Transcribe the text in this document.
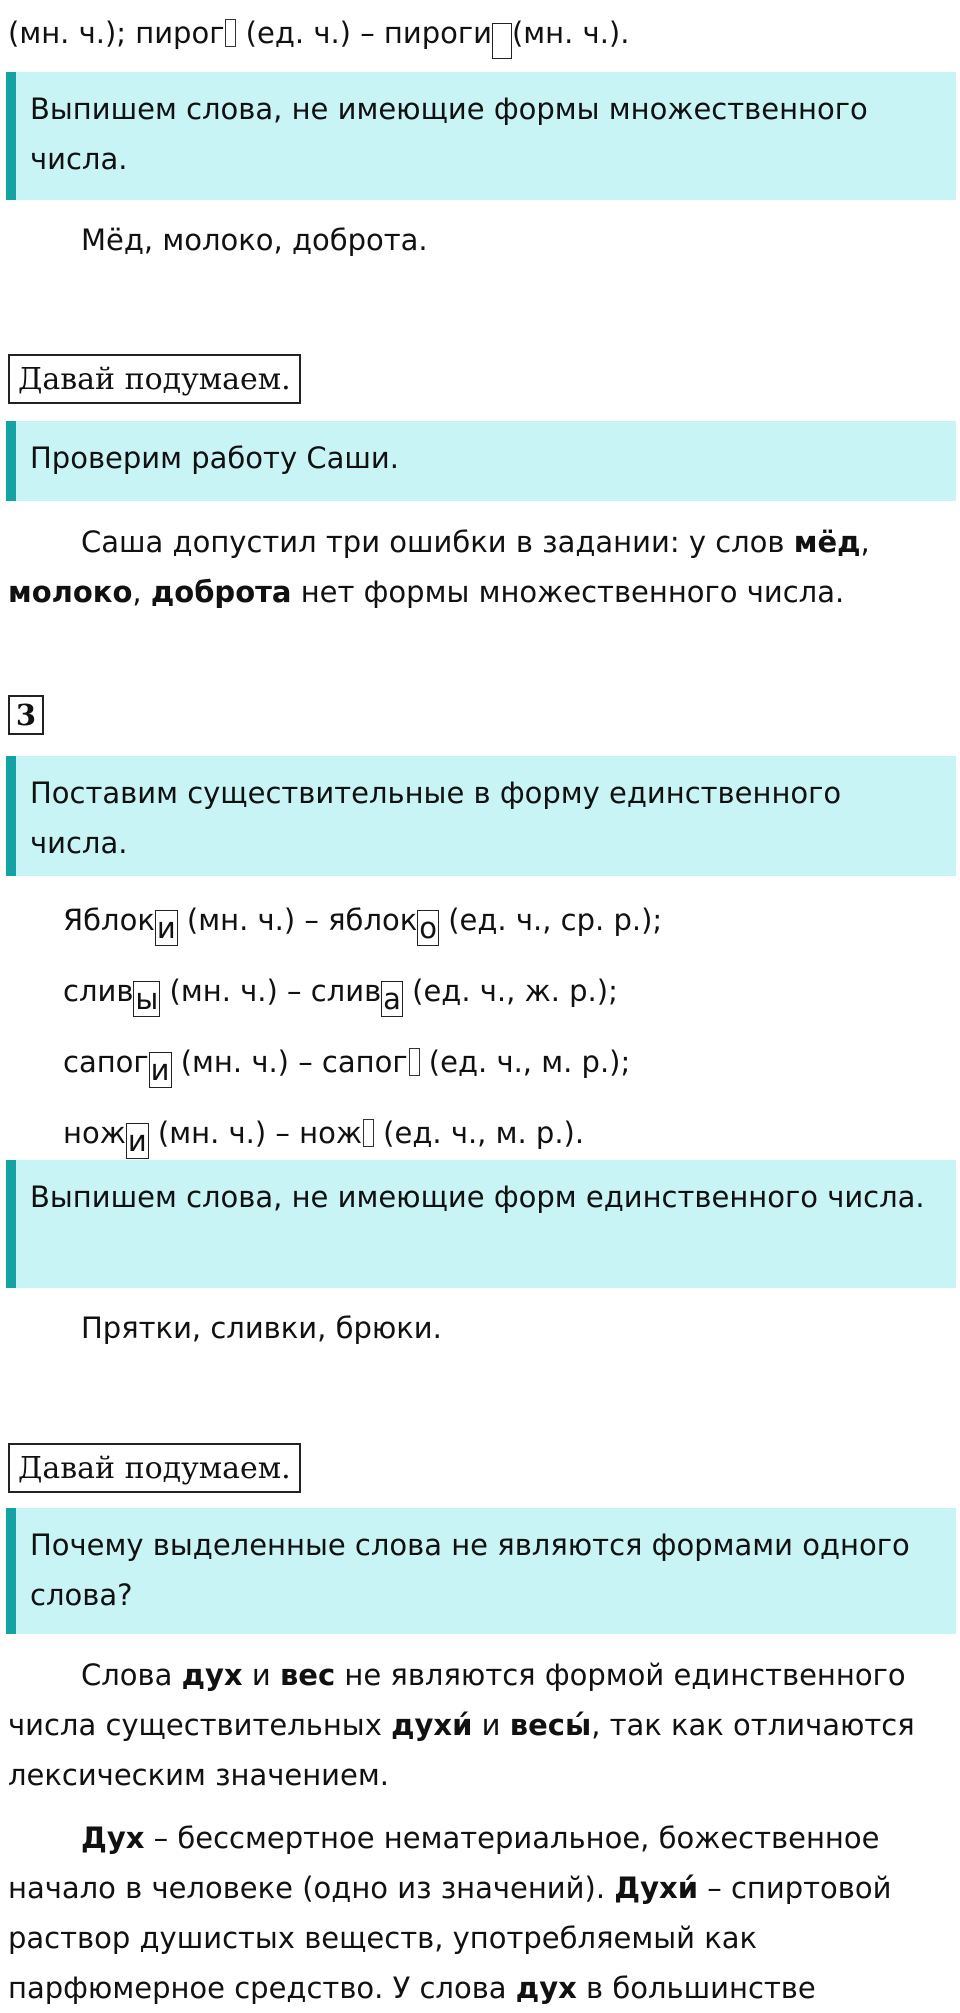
(мн. ч.); пирог (ед. ч.) – пироги (мн. ч.).
Выпишем слова, не имеющие формы множественного числа.
Мёд, молоко, доброта.
Давай подумаем.
Проверим работу Саши.
Саша допустил три ошибки в задании: у слов мёд, молоко, доброта нет формы множественного числа.
3
Поставим существительные в форму единственного числа.
Яблоки (мн. ч.) – яблоко (ед. ч., ср. р.);
сливы (мн. ч.) – слива (ед. ч., ж. р.);
сапоги (мн. ч.) – сапог (ед. ч., м. р.);
ножи (мн. ч.) – нож (ед. ч., м. р.).
Выпишем слова, не имеющие форм единственного числа.
Прятки, сливки, брюки.
Давай подумаем.
Почему выделенные слова не являются формами одного слова?
Слова дух и вес не являются формой единственного числа существительных духи́ и весы́, так как отличаются лексическим значением.
Дух – бессмертное нематериальное, божественное начало в человеке (одно из значений). Духи́ – спиртовой раствор душистых веществ, употребляемый как парфюмерное средство. У слова дух в большинстве
